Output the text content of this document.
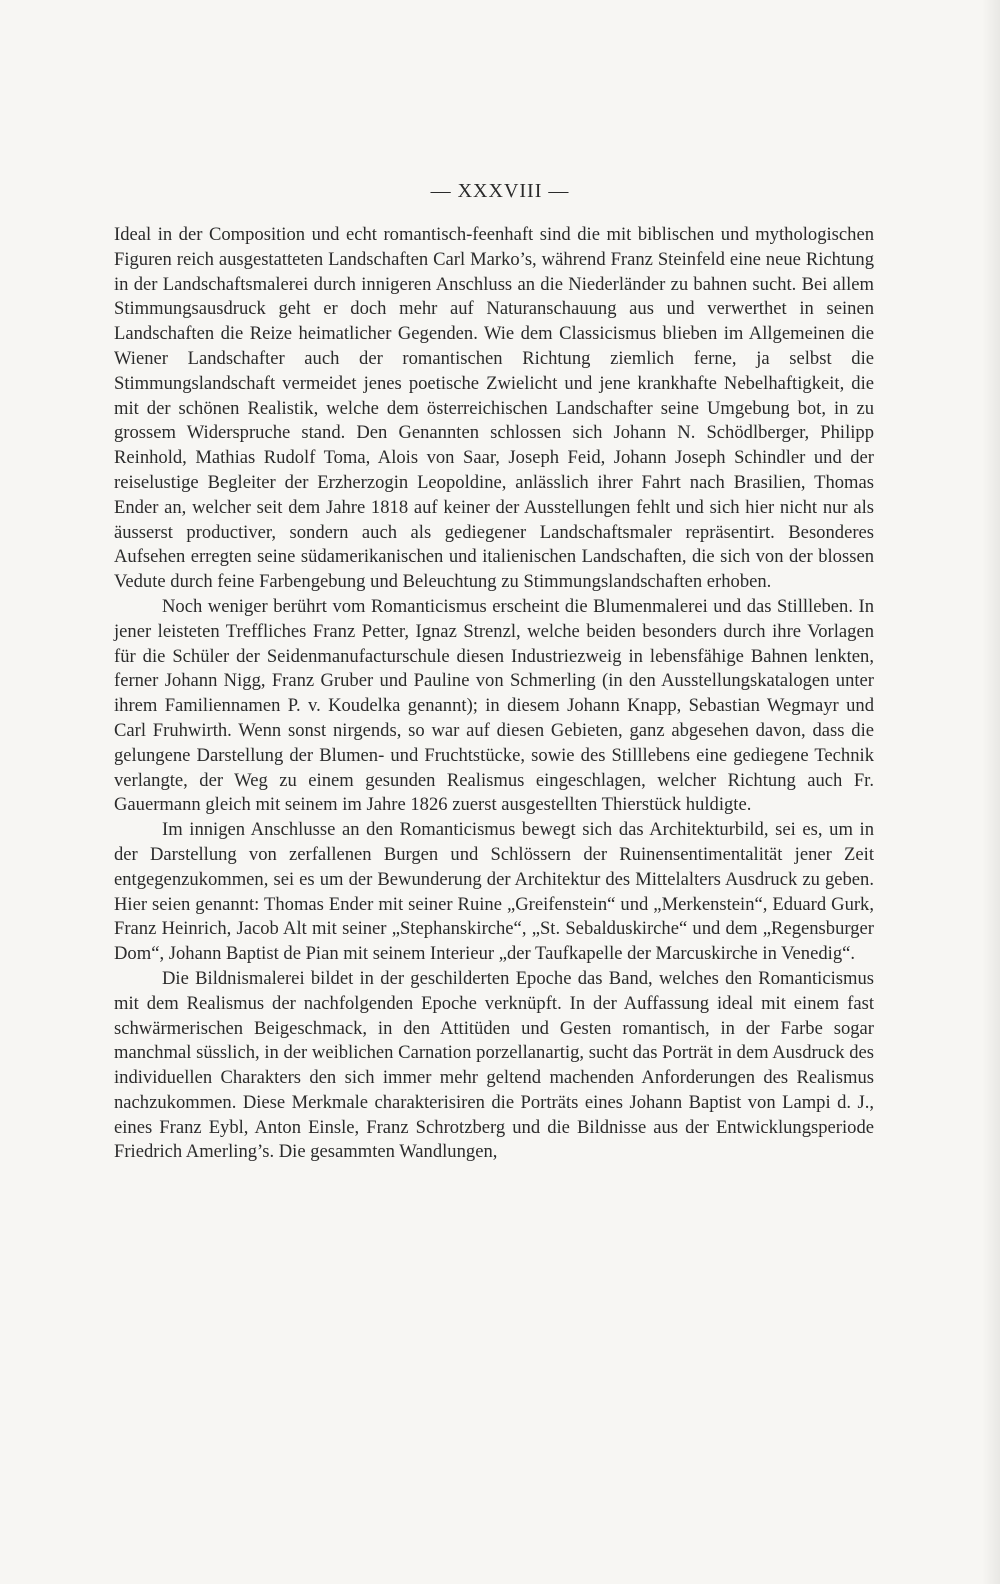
— XXXVIII —

Ideal in der Composition und echt romantisch-feenhaft sind die mit biblischen und mythologischen Figuren reich ausgestatteten Landschaften Carl Marko’s, während Franz Steinfeld eine neue Richtung in der Landschaftsmalerei durch innigeren Anschluss an die Niederländer zu bahnen sucht. Bei allem Stimmungsausdruck geht er doch mehr auf Naturanschauung aus und verwerthet in seinen Landschaften die Reize heimatlicher Gegenden. Wie dem Classicismus blieben im Allgemeinen die Wiener Landschafter auch der romantischen Richtung ziemlich ferne, ja selbst die Stimmungslandschaft vermeidet jenes poetische Zwielicht und jene krankhafte Nebelhaftigkeit, die mit der schönen Realistik, welche dem österreichischen Landschafter seine Umgebung bot, in zu grossem Widerspruche stand. Den Genannten schlossen sich Johann N. Schödlberger, Philipp Reinhold, Mathias Rudolf Toma, Alois von Saar, Joseph Feid, Johann Joseph Schindler und der reiselustige Begleiter der Erzherzogin Leopoldine, anlässlich ihrer Fahrt nach Brasilien, Thomas Ender an, welcher seit dem Jahre 1818 auf keiner der Ausstellungen fehlt und sich hier nicht nur als äusserst productiver, sondern auch als gediegener Landschaftsmaler repräsentirt. Besonderes Aufsehen erregten seine südamerikanischen und italienischen Landschaften, die sich von der blossen Vedute durch feine Farbengebung und Beleuchtung zu Stimmungslandschaften erhoben.

Noch weniger berührt vom Romanticismus erscheint die Blumenmalerei und das Stillleben. In jener leisteten Treffliches Franz Petter, Ignaz Strenzl, welche beiden besonders durch ihre Vorlagen für die Schüler der Seidenmanufacturschule diesen Industriezweig in lebensfähige Bahnen lenkten, ferner Johann Nigg, Franz Gruber und Pauline von Schmerling (in den Ausstellungskatalogen unter ihrem Familiennamen P. v. Koudelka genannt); in diesem Johann Knapp, Sebastian Wegmayr und Carl Fruhwirth. Wenn sonst nirgends, so war auf diesen Gebieten, ganz abgesehen davon, dass die gelungene Darstellung der Blumen- und Fruchtstücke, sowie des Stilllebens eine gediegene Technik verlangte, der Weg zu einem gesunden Realismus eingeschlagen, welcher Richtung auch Fr. Gauermann gleich mit seinem im Jahre 1826 zuerst ausgestellten Thierstück huldigte.

Im innigen Anschlusse an den Romanticismus bewegt sich das Architekturbild, sei es, um in der Darstellung von zerfallenen Burgen und Schlössern der Ruinensentimentalität jener Zeit entgegenzukommen, sei es um der Bewunderung der Architektur des Mittelalters Ausdruck zu geben. Hier seien genannt: Thomas Ender mit seiner Ruine „Greifenstein“ und „Merkenstein“, Eduard Gurk, Franz Heinrich, Jacob Alt mit seiner „Stephanskirche“, „St. Sebalduskirche“ und dem „Regensburger Dom“, Johann Baptist de Pian mit seinem Interieur „der Taufkapelle der Marcuskirche in Venedig“.

Die Bildnismalerei bildet in der geschilderten Epoche das Band, welches den Romanticismus mit dem Realismus der nachfolgenden Epoche verknüpft. In der Auffassung ideal mit einem fast schwärmerischen Beigeschmack, in den Attitüden und Gesten romantisch, in der Farbe sogar manchmal süsslich, in der weiblichen Carnation porzellanartig, sucht das Porträt in dem Ausdruck des individuellen Charakters den sich immer mehr geltend machenden Anforderungen des Realismus nachzukommen. Diese Merkmale charakterisiren die Porträts eines Johann Baptist von Lampi d. J., eines Franz Eybl, Anton Einsle, Franz Schrotzberg und die Bildnisse aus der Entwicklungsperiode Friedrich Amerling’s. Die gesammten Wandlungen,
